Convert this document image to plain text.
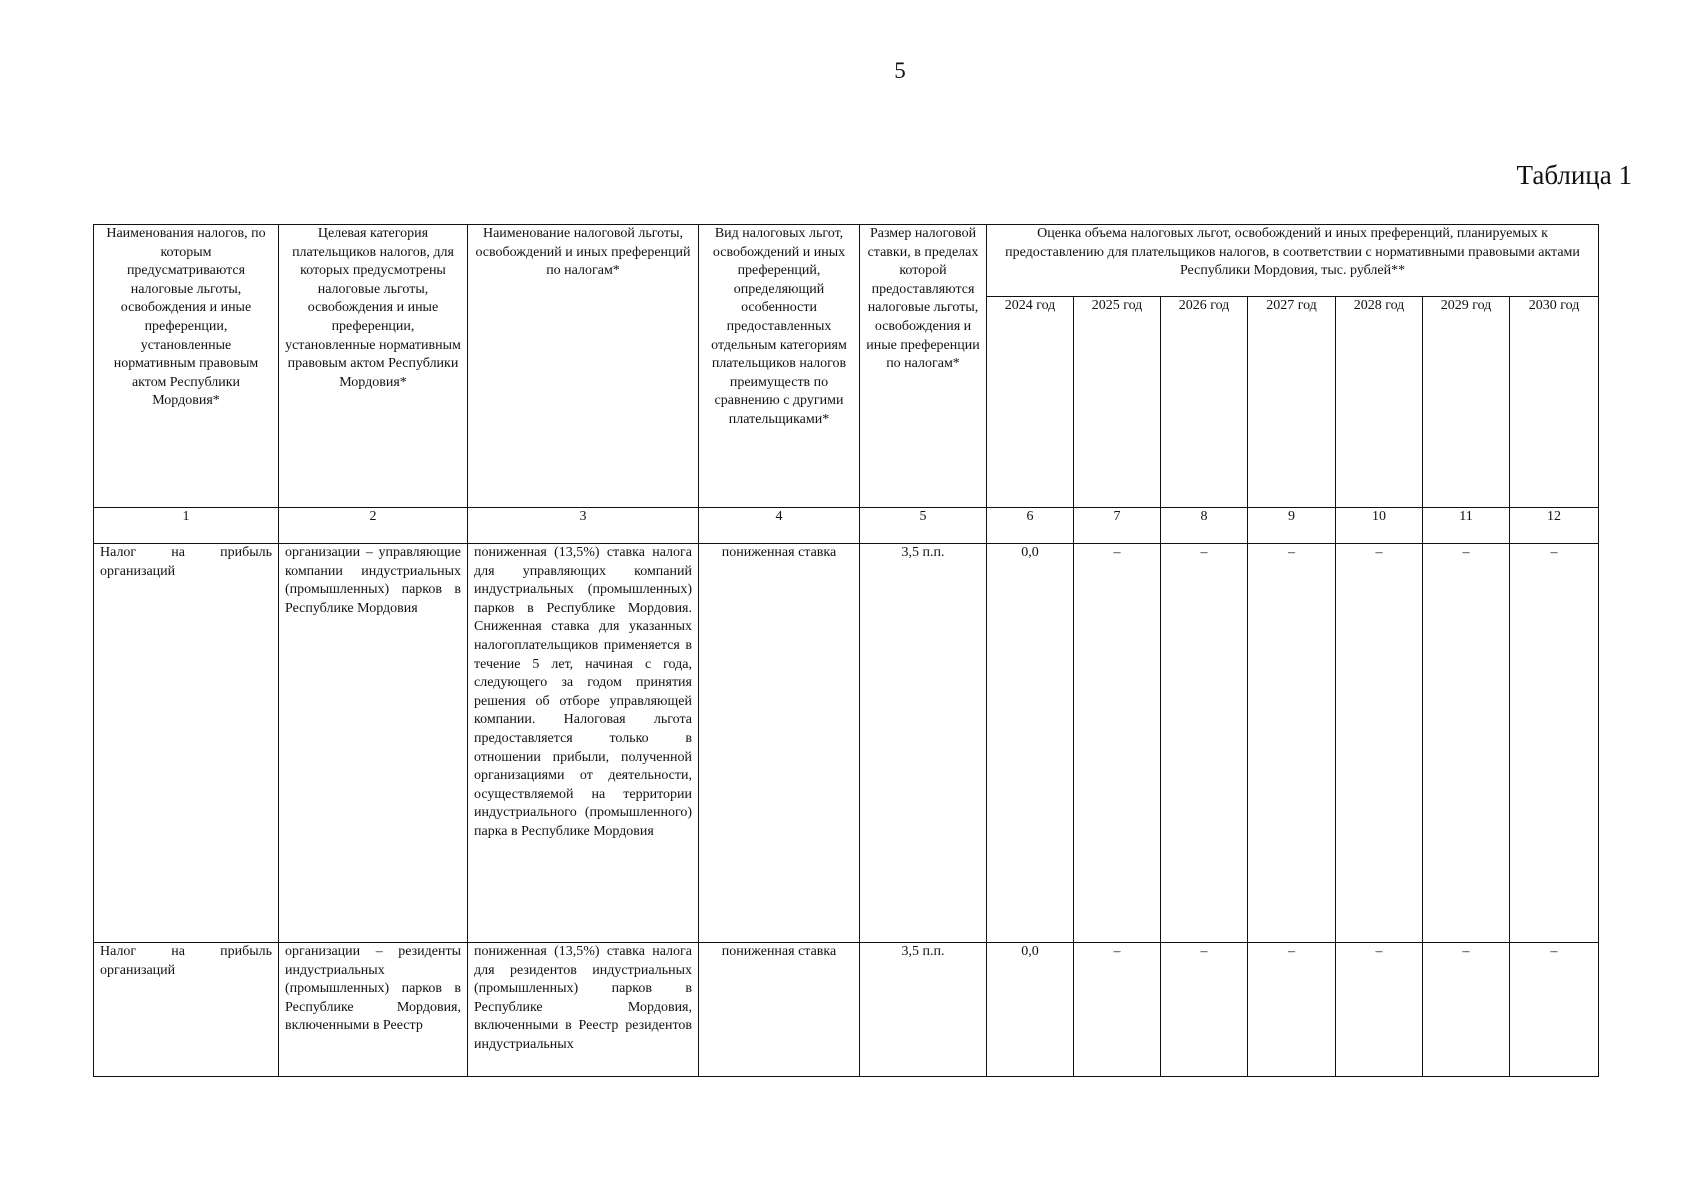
5
Таблица 1
Наименования налогов, по которым предусматриваются налоговые льготы, освобождения и иные преференции, установленные нормативным правовым актом Республики Мордовия*	Целевая категория плательщиков налогов, для которых предусмотрены налоговые льготы, освобождения и иные преференции, установленные нормативным правовым актом Республики Мордовия*	Наименование налоговой льготы, освобождений и иных преференций по налогам*	Вид налоговых льгот, освобождений и иных преференций, определяющий особенности предоставленных отдельным категориям плательщиков налогов преимуществ по сравнению с другими плательщиками*	Размер налоговой ставки, в пределах которой предоставляются налоговые льготы, освобождения и иные преференции по налогам*	Оценка объема налоговых льгот, освобождений и иных преференций, планируемых к предоставлению для плательщиков налогов, в соответствии с нормативными правовыми актами Республики Мордовия, тыс. рублей**						
					2024 год	2025 год	2026 год	2027 год	2028 год	2029 год	2030 год
1	2	3	4	5	6	7	8	9	10	11	12
Налог на прибыль организаций	организации – управляющие компании индустриальных (промышленных) парков в Республике Мордовия	пониженная (13,5%) ставка налога для управляющих компаний индустриальных (промышленных) парков в Республике Мордовия. Сниженная ставка для указанных налогоплательщиков применяется в течение 5 лет, начиная с года, следующего за годом принятия решения об отборе управляющей компании. Налоговая льгота предоставляется только в отношении прибыли, полученной организациями от деятельности, осуществляемой на территории индустриального (промышленного) парка в Республике Мордовия	пониженная ставка	3,5 п.п.	0,0	–	–	–	–	–	–
Налог на прибыль организаций	организации – резиденты индустриальных (промышленных) парков в Республике Мордовия, включенными в Реестр	пониженная (13,5%) ставка налога для резидентов индустриальных (промышленных) парков в Республике Мордовия, включенными в Реестр резидентов индустриальных	пониженная ставка	3,5 п.п.	0,0	–	–	–	–	–	–
